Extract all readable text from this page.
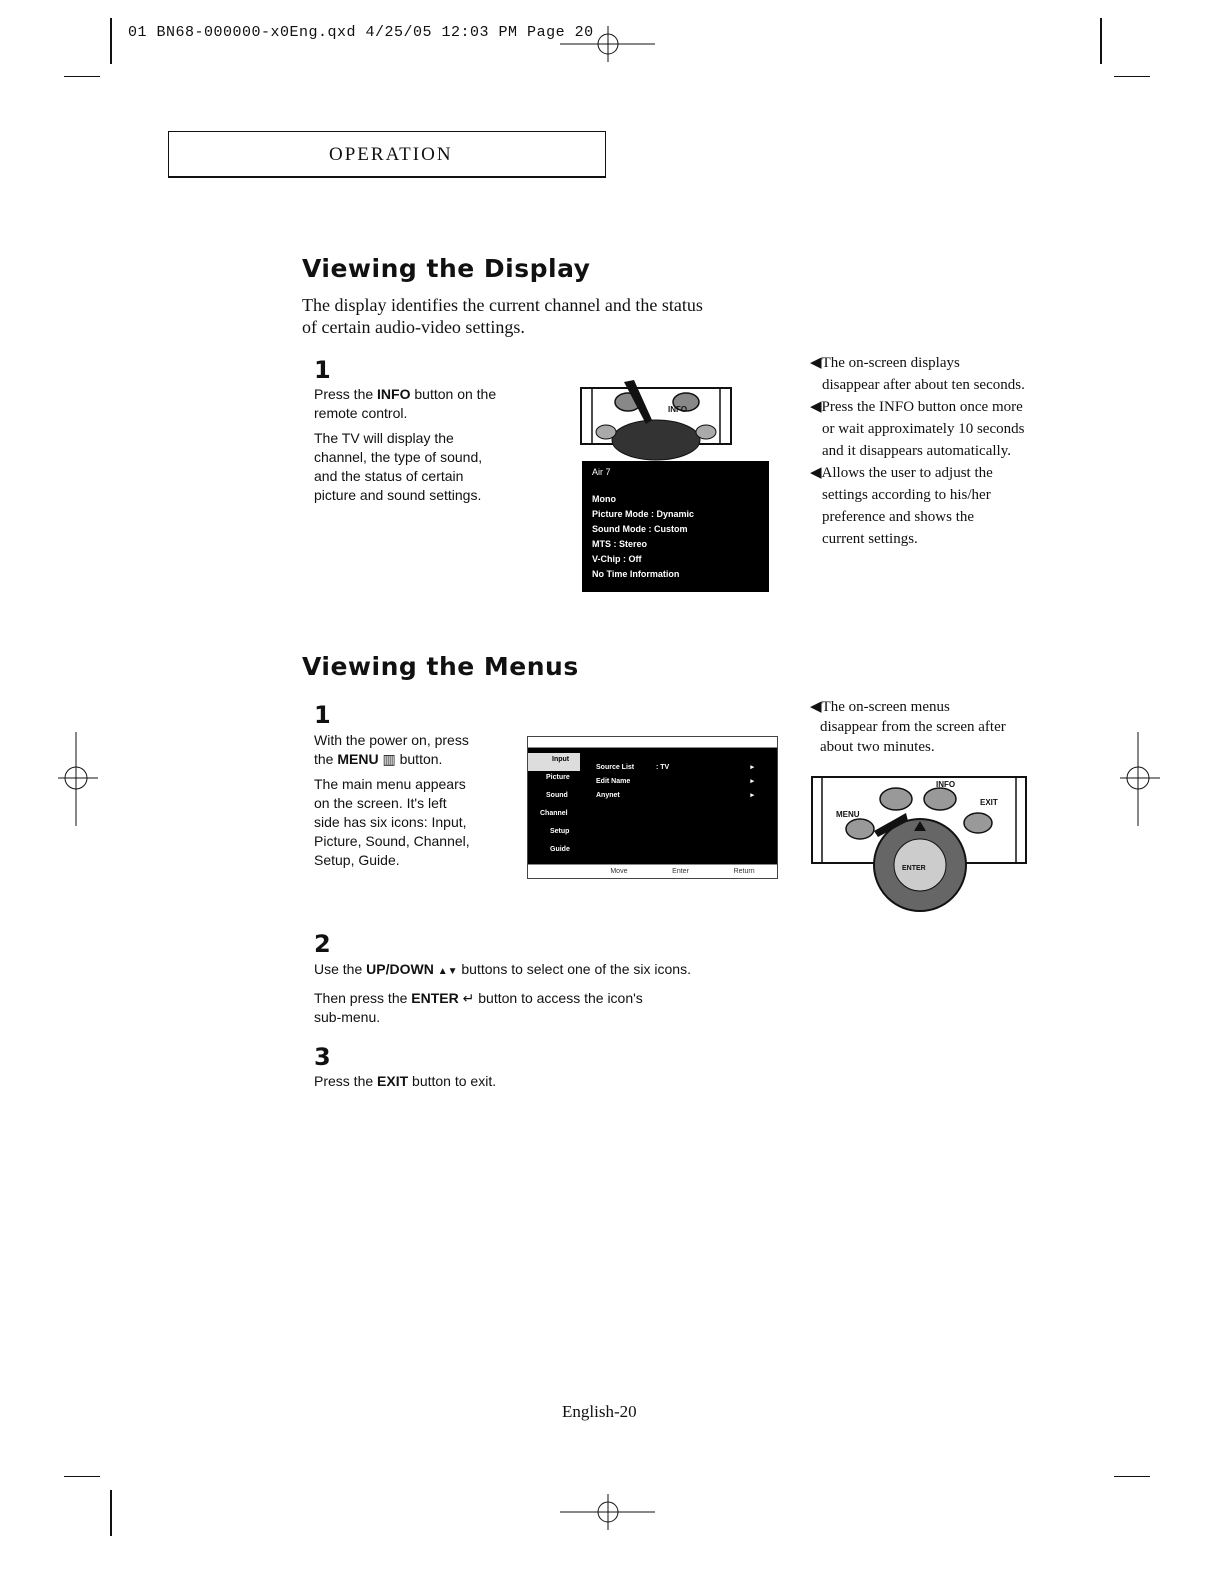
01 BN68-000000-x0Eng.qxd 4/25/05 12:03 PM Page 20
OPERATION
Viewing the Display
The display identifies the current channel and the status
of certain audio-video settings.
1

Press the INFO button on the
remote control.

The TV will display the
channel, the type of sound,
and the status of certain
picture and sound settings.

INFO
Air 7
Mono
Picture Mode : Dynamic
Sound Mode : Custom
MTS : Stereo
V-Chip : Off
No Time Information

◀The on-screen displays
disappear after about ten seconds.

◀Press the INFO button once more
or wait approximately 10 seconds
and it disappears automatically.

◀Allows the user to adjust the
settings according to his/her
preference and shows the
current settings.

Viewing the Menus
1

With the power on, press
the MENU ▥ button.

The main menu appears
on the screen. It's left
side has six icons: Input,
Picture, Sound, Channel,
Setup, Guide.

Input
Picture
Sound
Channel
Setup
Guide
Source List	: TV	▸
Edit Name	▸
Anynet	▸
Move	Enter	Return

◀The on-screen menus
disappear from the screen after
about two minutes.

MENU
INFO
EXIT
ENTER
2

Use the UP/DOWN ▲▼ buttons to select one of the six icons.

Then press the ENTER ↵ button to access the icon's
sub-menu.

3

Press the EXIT button to exit.

English-20
